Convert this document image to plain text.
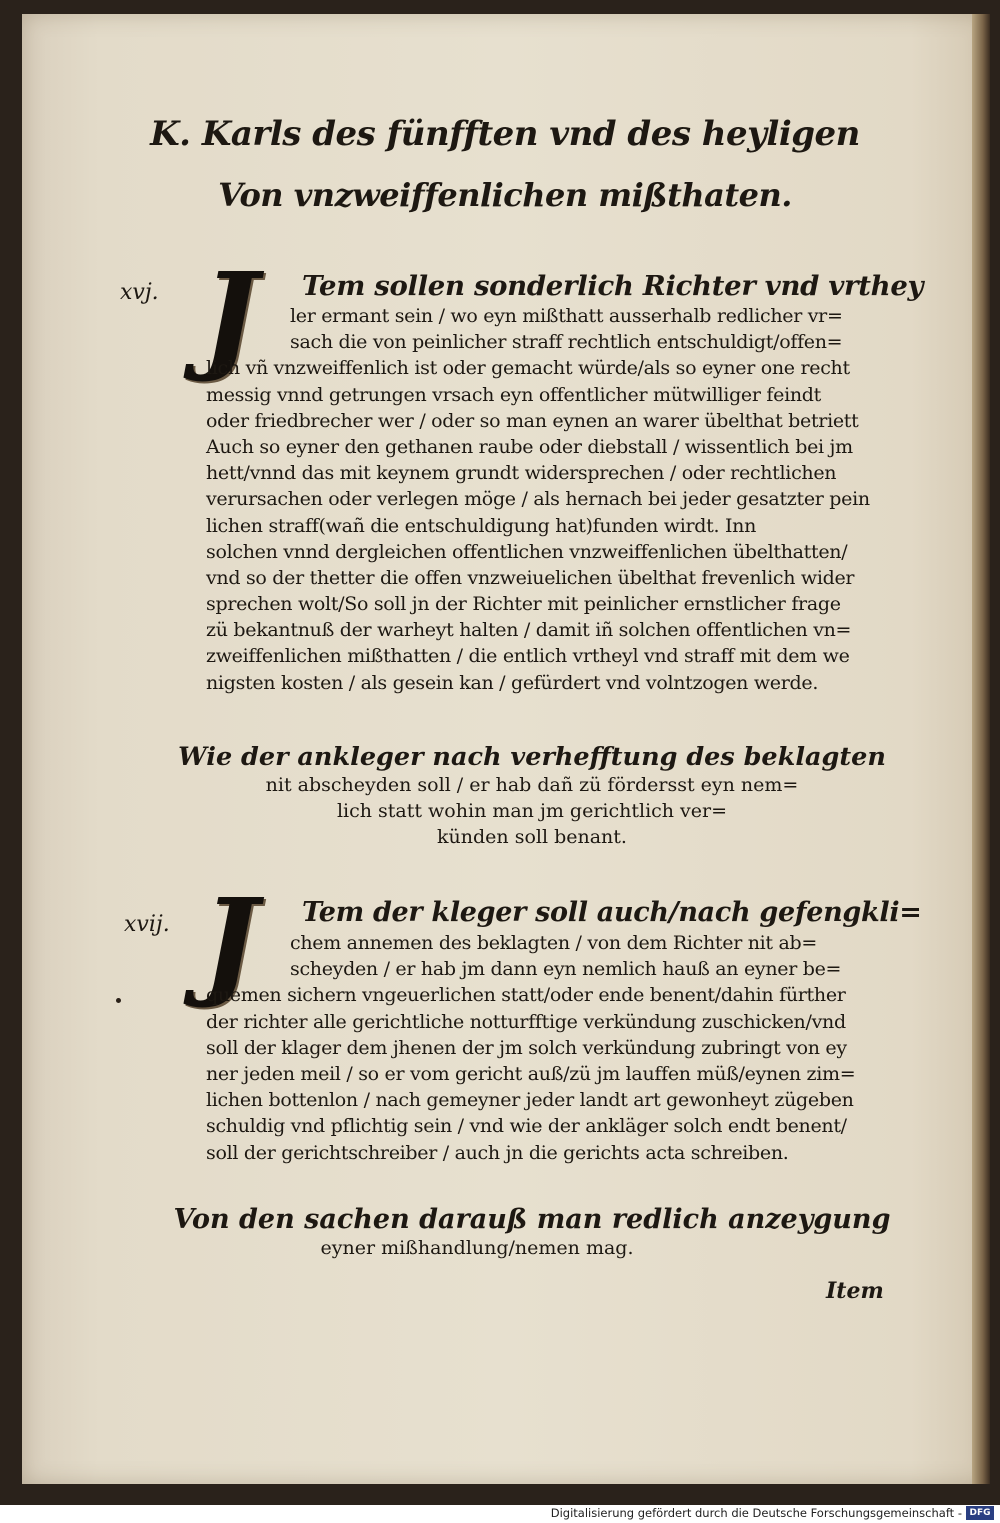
K. Karls des fünfften vnd des heyligen
Von vnzweiffenlichen mißthaten.
xvj. J	Tem sollen sonderlich Richter vnd vrthey
ler ermant sein / wo eyn mißthatt ausserhalb redlicher vr=
sach die von peinlicher straff rechtlich entschuldigt/offen=
lich vñ vnzweiffenlich ist oder gemacht würde/als so eyner one recht
messig vnnd getrungen vrsach eyn offentlicher mütwilliger feindt
oder friedbrecher wer / oder so man eynen an warer übelthat betriett
Auch so eyner den gethanen raube oder diebstall / wissentlich bei jm
hett/vnnd das mit keynem grundt widersprechen / oder rechtlichen
verursachen oder verlegen möge / als hernach bei jeder gesatzter pein
lichen straff(wañ die entschuldigung hat)funden wirdt. Inn
solchen vnnd dergleichen offentlichen vnzweiffenlichen übelthatten/
vnd so der thetter die offen vnzweiuelichen übelthat frevenlich wider
sprechen wolt/So soll jn der Richter mit peinlicher ernstlicher frage
zü bekantnuß der warheyt halten / damit iñ solchen offentlichen vn=
zweiffenlichen mißthatten / die entlich vrtheyl vnd straff mit dem we
nigsten kosten / als gesein kan / gefürdert vnd volntzogen werde.
Wie der ankleger nach verhefftung des beklagten
nit abscheyden soll / er hab dañ zü fördersst eyn nem=
lich statt wohin man jm gerichtlich ver=
künden soll benant.
xvij. J	Tem der kleger soll auch/nach gefengkli=
chem annemen des beklagten / von dem Richter nit ab=
scheyden / er hab jm dann eyn nemlich hauß an eyner be=
quemen sichern vngeuerlichen statt/oder ende benent/dahin fürther
der richter alle gerichtliche notturfftige verkündung zuschicken/vnd
soll der klager dem jhenen der jm solch verkündung zubringt von ey
ner jeden meil / so er vom gericht auß/zü jm lauffen müß/eynen zim=
lichen bottenlon / nach gemeyner jeder landt art gewonheyt zügeben
schuldig vnd pflichtig sein / vnd wie der ankläger solch endt benent/
soll der gerichtschreiber / auch jn die gerichts acta schreiben.
Von den sachen darauß man redlich anzeygung
eyner mißhandlung/nemen mag.
Item
Digitalisierung gefördert durch die Deutsche Forschungsgemeinschaft - DFG
